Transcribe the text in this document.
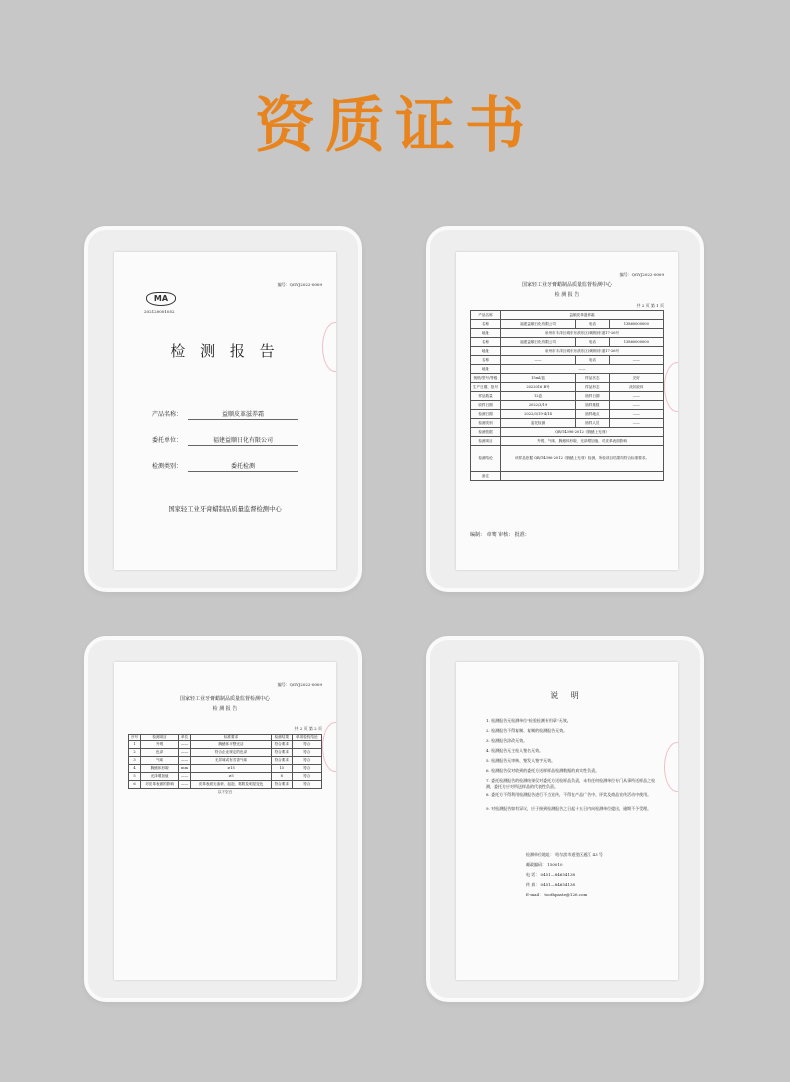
资质证书
编号：QGYJ2022-0009
MA
202120001052
检 测 报 告
产品名称：	益顺皮革滋养霜
委托单位：	福建益顺日化有限公司
检测类别：	委托检测
国家轻工业牙膏蜡制品质量监督检测中心
编号：QGYJ2022-0009
国家轻工业牙膏蜡制品质量监督检测中心
检 测 报 告
共 2 页 第 1 页
产品名称	益顺皮革滋养霜		
名称	福建益顺日化有限公司	电话	13860000000
地址	泉州市丰泽区城东东滨东区(刺桐)东道17-26号		
名称	福建益顺日化有限公司	电话	13860000000
地址	泉州市丰泽区城东东滨东区(刺桐)东道17-26号		
名称	——	电话	——
地址	——		
规格/型号/等级	15ml/盒	样品状态	完好
生产日期、批号	2022016 B号	样品形态	淡状胶体
样品数量	12盒	抽样日期	——
收样日期	2022/3/19	抽样基数	——
检测日期	2022/3/19-4/14	抽样地点	——
检测类别	委托检测	抽样人员	——
检测依据	QB/T4396-2012《胸蜡上光剂》		
检测项目	外观、气味、胸蜡体形貌、光泽增加值、对皮革表面影响		
检测结论	该样品依据 QB/T4396-2012《胸蜡上光剂》检测，所检项目结果均符合标准要求。		
备注			
编制： 章骞 审核： 批准：
编号：QGYJ2022-0009
国家轻工业牙膏蜡制品质量监督检测中心
检 测 报 告
共 2 页 第 2 页
序号	检测项目	单位	标准要求	检测结果	单项检验结论
1	外观	——	胸蜡体平整光洁	符合要求	符合
2	色泽	——	符合企业规定的色泽	符合要求	符合
3	气味	——	无异味或有芳香气味	符合要求	符合
4	胸蜡体形貌	mm	≥15	15	符合
5	光泽增加值	——	≥5	8	符合
6	对皮革表面的影响	——	皮革表面无渗析、起泡、黏附及明显变色	符合要求	符合
以下空白					
说 明
1. 检测报告无检测单位"检验检测专用章"无效。
2. 检测报告不得复制、复制的检测报告无效。
3. 检测报告涂改无效。
4. 检测报告无主检人签名无效。
5. 检测报告无审核、签发人签字无效。
6. 检测报告仅对收到的委托方送样样品检测数据的真实性负责。
7. 委托检测报告的检测结果仅对委托方送检样品负责，未有任何检测单位专门从事所送样品之检测，委托方应对所送样品的代表性负责。
8. 委托方不得利用检测报告进行不当宣传，不得在产品广告中、评奖及商品宣传活动中使用。
9. 对检测报告如有异议，应于接到检测报告之日起十五日内向检测单位提出，逾期不予受理。
检测单位地址： 哈尔滨市道里区通江 43 号
邮政编码： 150010
电 话： 0451—84654138
传 真： 0451—84654138
E-mail： toothpaste@126.com
